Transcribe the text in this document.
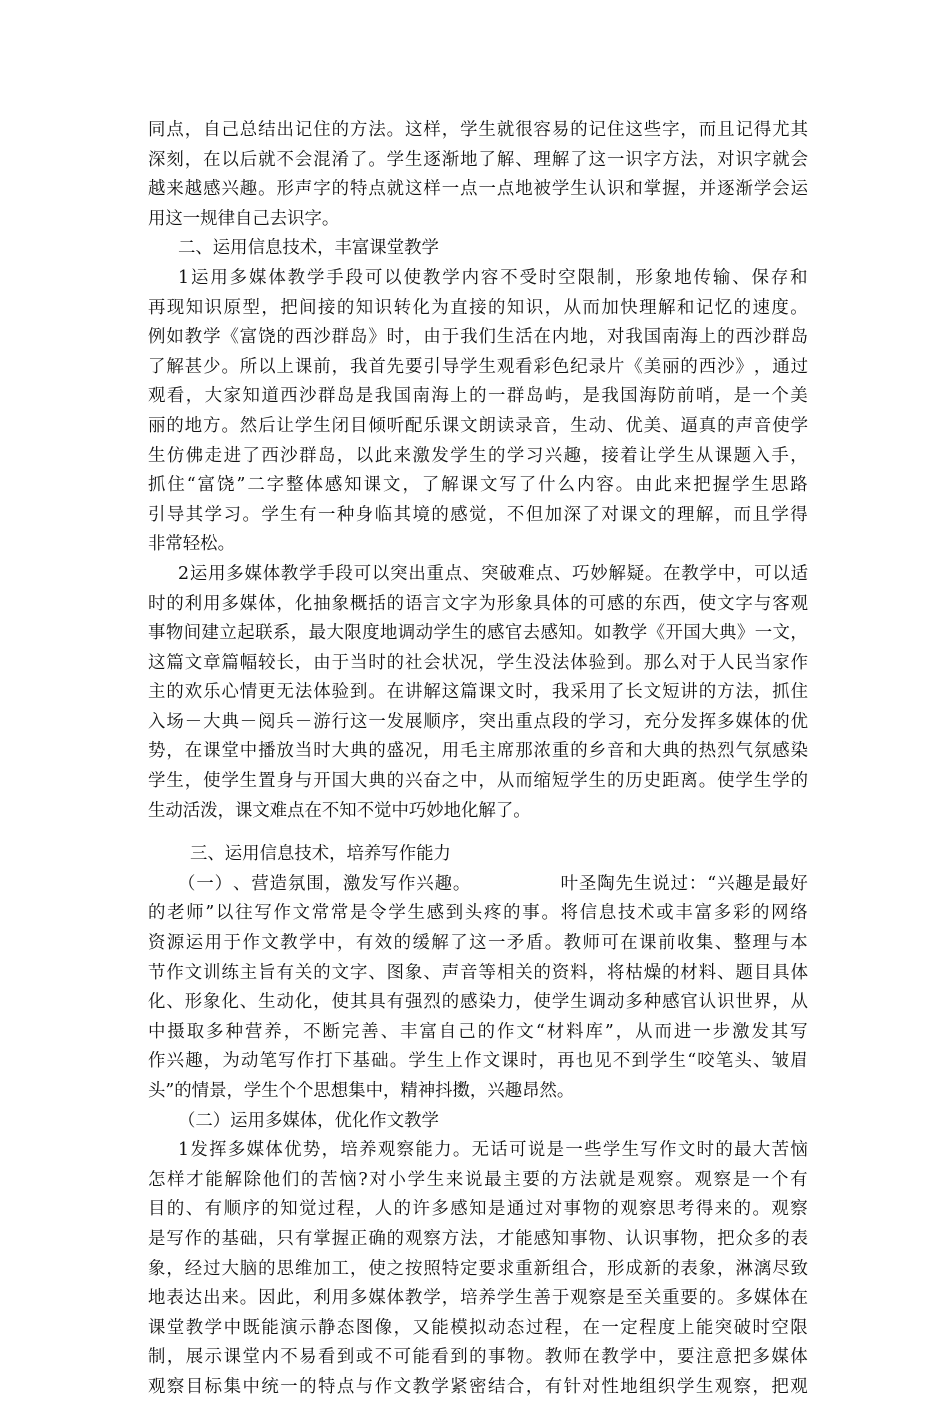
同 点 ， 自 己 总 结 出 记 住 的 方 法 。 这 样 ， 学 生 就 很 容 易 的 记 住 这 些 字 ， 而 且 记 得 尤 其
深 刻 ， 在 以 后 就 不 会 混 淆 了 。 学 生 逐 渐 地 了 解 、 理 解 了 这 一 识 字 方 法 ， 对 识 字 就 会
越 来 越 感 兴 趣 。 形 声 字 的 特 点 就 这 样 一 点 一 点 地 被 学 生 认 识 和 掌 握 ， 并 逐 渐 学 会 运
用这一规律自己去识字。
二、运用信息技术，丰富课堂教学
1 运 用 多 媒 体 教 学 手 段 可 以 使 教 学 内 容 不 受 时 空 限 制 ， 形 象 地 传 输 、 保 存 和
再 现 知 识 原 型 ， 把 间 接 的 知 识 转 化 为 直 接 的 知 识 ， 从 而 加 快 理 解 和 记 忆 的 速 度 。
例 如 教 学 《 富 饶 的 西 沙 群 岛 》 时 ， 由 于 我 们 生 活 在 内 地 ， 对 我 国 南 海 上 的 西 沙 群 岛
了 解 甚 少 。 所 以 上 课 前 ， 我 首 先 要 引 导 学 生 观 看 彩 色 纪 录 片 《 美 丽 的 西 沙 》 ， 通 过
观 看 ， 大 家 知 道 西 沙 群 岛 是 我 国 南 海 上 的 一 群 岛 屿 ， 是 我 国 海 防 前 哨 ， 是 一 个 美
丽 的 地 方 。 然 后 让 学 生 闭 目 倾 听 配 乐 课 文 朗 读 录 音 ， 生 动 、 优 美 、 逼 真 的 声 音 使 学
生 仿 佛 走 进 了 西 沙 群 岛 ， 以 此 来 激 发 学 生 的 学 习 兴 趣 ， 接 着 让 学 生 从 课 题 入 手 ，
抓 住 “ 富 饶 ” 二 字 整 体 感 知 课 文 ， 了 解 课 文 写 了 什 么 内 容 。 由 此 来 把 握 学 生 思 路
引 导 其 学 习 。 学 生 有 一 种 身 临 其 境 的 感 觉 ， 不 但 加 深 了 对 课 文 的 理 解 ， 而 且 学 得
非常轻松。
2 运 用 多 媒 体 教 学 手 段 可 以 突 出 重 点 、 突 破 难 点 、 巧 妙 解 疑 。 在 教 学 中 ， 可 以 适
时 的 利 用 多 媒 体 ， 化 抽 象 概 括 的 语 言 文 字 为 形 象 具 体 的 可 感 的 东 西 ， 使 文 字 与 客 观
事 物 间 建 立 起 联 系 ， 最 大 限 度 地 调 动 学 生 的 感 官 去 感 知 。 如 教 学 《 开 国 大 典 》 一 文 ，
这 篇 文 章 篇 幅 较 长 ， 由 于 当 时 的 社 会 状 况 ， 学 生 没 法 体 验 到 。 那 么 对 于 人 民 当 家 作
主 的 欢 乐 心 情 更 无 法 体 验 到 。 在 讲 解 这 篇 课 文 时 ， 我 采 用 了 长 文 短 讲 的 方 法 ， 抓 住
入 场 － 大 典 － 阅 兵 － 游 行 这 一 发 展 顺 序 ， 突 出 重 点 段 的 学 习 ， 充 分 发 挥 多 媒 体 的 优
势 ， 在 课 堂 中 播 放 当 时 大 典 的 盛 况 ， 用 毛 主 席 那 浓 重 的 乡 音 和 大 典 的 热 烈 气 氛 感 染
学 生 ， 使 学 生 置 身 与 开 国 大 典 的 兴 奋 之 中 ， 从 而 缩 短 学 生 的 历 史 距 离 。 使 学 生 学 的
生动活泼，课文难点在不知不觉中巧妙地化解了。
三、运用信息技术，培养写作能力
（ 一 ） 、 营 造 氛 围 ， 激 发 写 作 兴 趣 。
	叶 圣 陶 先 生 说 过 ： “ 兴 趣 是 最 好
的 老 师 ” 以 往 写 作 文 常 常 是 令 学 生 感 到 头 疼 的 事 。 将 信 息 技 术 或 丰 富 多 彩 的 网 络
资 源 运 用 于 作 文 教 学 中 ， 有 效 的 缓 解 了 这 一 矛 盾 。 教 师 可 在 课 前 收 集 、 整 理 与 本
节 作 文 训 练 主 旨 有 关 的 文 字 、 图 象 、 声 音 等 相 关 的 资 料 ， 将 枯 燥 的 材 料 、 题 目 具 体
化 、 形 象 化 、 生 动 化 ， 使 其 具 有 强 烈 的 感 染 力 ， 使 学 生 调 动 多 种 感 官 认 识 世 界 ， 从
中 摄 取 多 种 营 养 ， 不 断 完 善 、 丰 富 自 己 的 作 文 “ 材 料 库 ” ， 从 而 进 一 步 激 发 其 写
作 兴 趣 ， 为 动 笔 写 作 打 下 基 础 。 学 生 上 作 文 课 时 ， 再 也 见 不 到 学 生 “ 咬 笔 头 、 皱 眉
头”的情景，学生个个思想集中，精神抖擞，兴趣昂然。
（二）运用多媒体，优化作文教学
1 发 挥 多 媒 体 优 势 ， 培 养 观 察 能 力 。 无 话 可 说 是 一 些 学 生 写 作 文 时 的 最 大 苦 恼
怎 样 才 能 解 除 他 们 的 苦 恼 ? 对 小 学 生 来 说 最 主 要 的 方 法 就 是 观 察 。 观 察 是 一 个 有
目 的 、 有 顺 序 的 知 觉 过 程 ， 人 的 许 多 感 知 是 通 过 对 事 物 的 观 察 思 考 得 来 的 。 观 察
是 写 作 的 基 础 ， 只 有 掌 握 正 确 的 观 察 方 法 ， 才 能 感 知 事 物 、 认 识 事 物 ， 把 众 多 的 表
象 ， 经 过 大 脑 的 思 维 加 工 ， 使 之 按 照 特 定 要 求 重 新 组 合 ， 形 成 新 的 表 象 ， 淋 漓 尽 致
地 表 达 出 来 。 因 此 ， 利 用 多 媒 体 教 学 ， 培 养 学 生 善 于 观 察 是 至 关 重 要 的 。 多 媒 体 在
课 堂 教 学 中 既 能 演 示 静 态 图 像 ， 又 能 模 拟 动 态 过 程 ， 在 一 定 程 度 上 能 突 破 时 空 限
制 ， 展 示 课 堂 内 不 易 看 到 或 不 可 能 看 到 的 事 物 。 教 师 在 教 学 中 ， 要 注 意 把 多 媒 体
观 察 目 标 集 中 统 一 的 特 点 与 作 文 教 学 紧 密 结 合 ， 有 针 对 性 地 组 织 学 生 观 察 ， 把 观
